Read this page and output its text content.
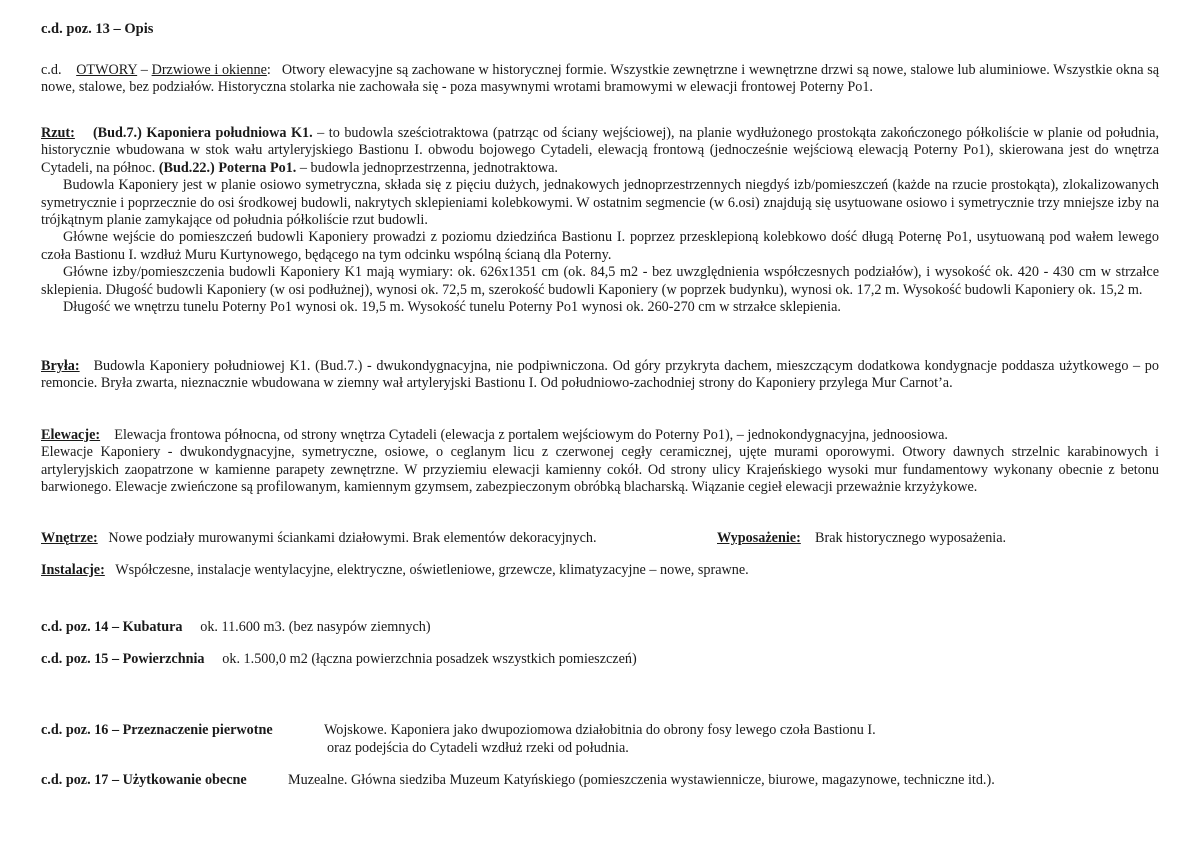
c.d. poz. 13 – Opis

c.d. OTWORY – Drzwiowe i okienne: Otwory elewacyjne są zachowane w historycznej formie. Wszystkie zewnętrzne i wewnętrzne drzwi są nowe, stalowe lub aluminiowe. Wszystkie okna są nowe, stalowe, bez podziałów. Historyczna stolarka nie zachowała się - poza masywnymi wrotami bramowymi w elewacji frontowej Poterny Po1.

Rzut: (Bud.7.) Kaponiera południowa K1. – to budowla sześciotraktowa (patrząc od ściany wejściowej), na planie wydłużonego prostokąta zakończonego półkoliście w planie od południa, historycznie wbudowana w stok wału artyleryjskiego Bastionu I. obwodu bojowego Cytadeli, elewacją frontową (jednocześnie wejściową elewacją Poterny Po1), skierowana jest do wnętrza Cytadeli, na północ. (Bud.22.) Poterna Po1. – budowla jednoprzestrzenna, jednotraktowa.

Budowla Kaponiery jest w planie osiowo symetryczna, składa się z pięciu dużych, jednakowych jednoprzestrzennych niegdyś izb/pomieszczeń (każde na rzucie prostokąta), zlokalizowanych symetrycznie i poprzecznie do osi środkowej budowli, nakrytych sklepieniami kolebkowymi. W ostatnim segmencie (w 6.osi) znajdują się usytuowane osiowo i symetrycznie trzy mniejsze izby na trójkątnym planie zamykające od południa półkoliście rzut budowli.

Główne wejście do pomieszczeń budowli Kaponiery prowadzi z poziomu dziedzińca Bastionu I. poprzez przesklepioną kolebkowo dość długą Poternę Po1, usytuowaną pod wałem lewego czoła Bastionu I. wzdłuż Muru Kurtynowego, będącego na tym odcinku wspólną ścianą dla Poterny.

Główne izby/pomieszczenia budowli Kaponiery K1 mają wymiary: ok. 626x1351 cm (ok. 84,5 m2 - bez uwzględnienia współczesnych podziałów), i wysokość ok. 420 - 430 cm w strzałce sklepienia. Długość budowli Kaponiery (w osi podłużnej), wynosi ok. 72,5 m, szerokość budowli Kaponiery (w poprzek budynku), wynosi ok. 17,2 m. Wysokość budowli Kaponiery ok. 15,2 m.

Długość we wnętrzu tunelu Poterny Po1 wynosi ok. 19,5 m. Wysokość tunelu Poterny Po1 wynosi ok. 260-270 cm w strzałce sklepienia.

Bryła: Budowla Kaponiery południowej K1. (Bud.7.) - dwukondygnacyjna, nie podpiwniczona. Od góry przykryta dachem, mieszczącym dodatkowa kondygnacje poddasza użytkowego – po remoncie. Bryła zwarta, nieznacznie wbudowana w ziemny wał artyleryjski Bastionu I. Od południowo-zachodniej strony do Kaponiery przylega Mur Carnot’a.

Elewacje: Elewacja frontowa północna, od strony wnętrza Cytadeli (elewacja z portalem wejściowym do Poterny Po1), – jednokondygnacyjna, jednoosiowa.

Elewacje Kaponiery - dwukondygnacyjne, symetryczne, osiowe, o ceglanym licu z czerwonej cegły ceramicznej, ujęte murami oporowymi. Otwory dawnych strzelnic karabinowych i artyleryjskich zaopatrzone w kamienne parapety zewnętrzne. W przyziemiu elewacji kamienny cokół. Od strony ulicy Krajeńskiego wysoki mur fundamentowy wykonany obecnie z betonu barwionego. Elewacje zwieńczone są profilowanym, kamiennym gzymsem, zabezpieczonym obróbką blacharską. Wiązanie cegieł elewacji przeważnie krzyżykowe.

Wnętrze: Nowe podziały murowanymi ściankami działowymi. Brak elementów dekoracyjnych.	Wyposażenie: Brak historycznego wyposażenia.
Instalacje: Współczesne, instalacje wentylacyjne, elektryczne, oświetleniowe, grzewcze, klimatyzacyjne – nowe, sprawne.
c.d. poz. 14 – Kubatura ok. 11.600 m3. (bez nasypów ziemnych)
c.d. poz. 15 – Powierzchnia ok. 1.500,0 m2 (łączna powierzchnia posadzek wszystkich pomieszczeń)
c.d. poz. 16 – Przeznaczenie pierwotne	Wojskowe. Kaponiera jako dwupoziomowa działobitnia do obrony fosy lewego czoła Bastionu I.
oraz podejścia do Cytadeli wzdłuż rzeki od południa.
c.d. poz. 17 – Użytkowanie obecne	Muzealne. Główna siedziba Muzeum Katyńskiego (pomieszczenia wystawiennicze, biurowe, magazynowe, techniczne itd.).
